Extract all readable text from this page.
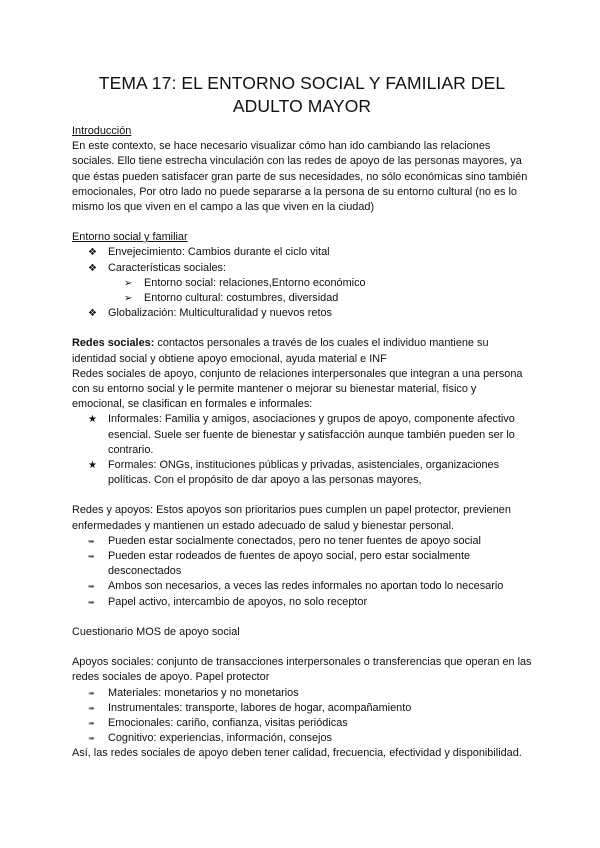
TEMA 17: EL ENTORNO SOCIAL Y FAMILIAR DEL ADULTO MAYOR

Introducción

En este contexto, se hace necesario visualizar cómo han ido cambiando las relaciones sociales. Ello tiene estrecha vinculación con las redes de apoyo de las personas mayores, ya que éstas pueden satisfacer gran parte de sus necesidades, no sólo económicas sino también emocionales, Por otro lado no puede separarse a la persona de su entorno cultural (no es lo mismo los que viven en el campo a las que viven en la ciudad)

Entorno social y familiar

❖	Envejecimiento: Cambios durante el ciclo vital
❖	Características sociales:
➢ Entorno social: relaciones,Entorno económico
➢ Entorno cultural: costumbres, diversidad
❖	Globalización: Multiculturalidad y nuevos retos

Redes sociales: contactos personales a través de los cuales el individuo mantiene su identidad social y obtiene apoyo emocional, ayuda material e INF

Redes sociales de apoyo, conjunto de relaciones interpersonales que integran a una persona con su entorno social y le permite mantener o mejorar su bienestar material, físico y emocional, se clasifican en formales e informales:

★	Informales: Familia y amigos, asociaciones y grupos de apoyo, componente afectivo esencial. Suele ser fuente de bienestar y satisfacción aunque también pueden ser lo contrario.
★	Formales: ONGs, instituciones públicas y privadas, asistenciales, organizaciones políticas. Con el propósito de dar apoyo a las personas mayores,

Redes y apoyos: Estos apoyos son prioritarios pues cumplen un papel protector, previenen enfermedades y mantienen un estado adecuado de salud y bienestar personal.

➥	Pueden estar socialmente conectados, pero no tener fuentes de apoyo social
➥	Pueden estar rodeados de fuentes de apoyo social, pero estar socialmente desconectados
➥	Ambos son necesarios, a veces las redes informales no aportan todo lo necesario
➥	Papel activo, intercambio de apoyos, no solo receptor

Cuestionario MOS de apoyo social

Apoyos sociales: conjunto de transacciones interpersonales o transferencias que operan en las redes sociales de apoyo. Papel protector

➠	Materiales: monetarios y no monetarios
➠	Instrumentales: transporte, labores de hogar, acompañamiento
➠	Emocionales: cariño, confianza, visitas periódicas
➠	Cognitivo: experiencias, información, consejos

Así, las redes sociales de apoyo deben tener calidad, frecuencia, efectividad y disponibilidad.
